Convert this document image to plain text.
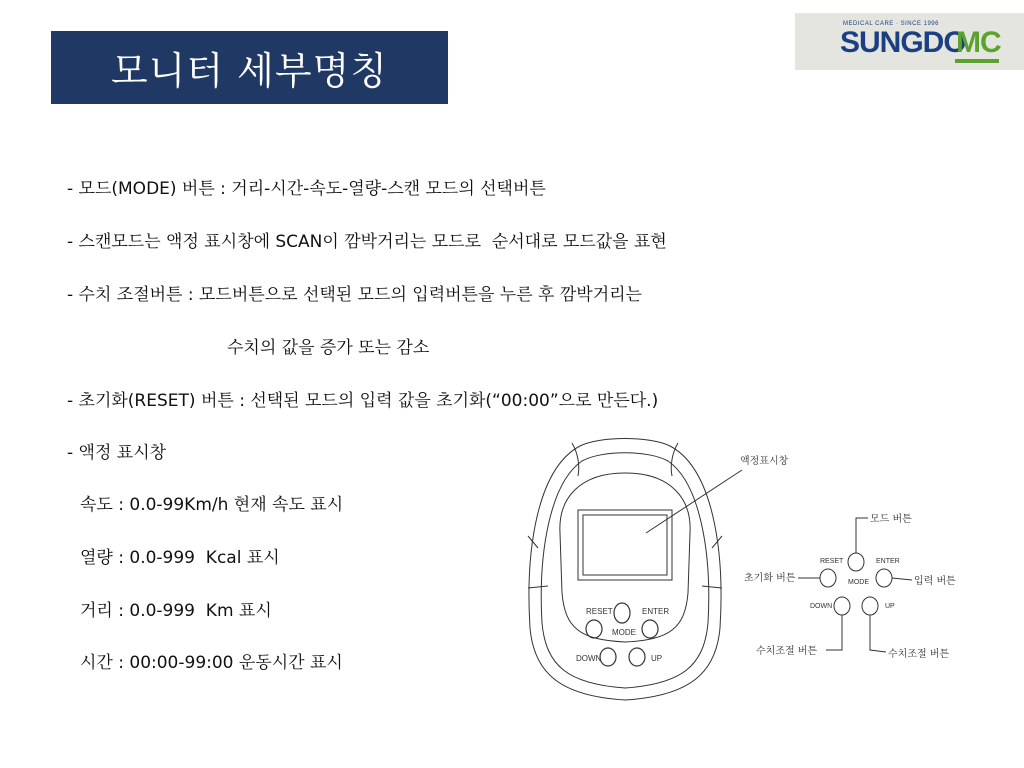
모니터 세부명칭
MEDICAL CARE · SINCE 1996
SUNGDO
MC
- 모드(MODE) 버튼 : 거리-시간-속도-열량-스캔 모드의 선택버튼
- 스캔모드는 액정 표시창에 SCAN이 깜박거리는 모드로  순서대로 모드값을 표현
- 수치 조절버튼 : 모드버튼으로 선택된 모드의 입력버튼을 누른 후 깜박거리는
수치의 값을 증가 또는 감소
- 초기화(RESET) 버튼 : 선택된 모드의 입력 값을 초기화(“00:00”으로 만든다.)
- 액정 표시창
속도 : 0.0-99Km/h 현재 속도 표시
열량 : 0.0-999  Kcal 표시
거리 : 0.0-999  Km 표시
시간 : 00:00-99:00 운동시간 표시
RESET	ENTER
MODE
DOWN	UP
액정표시창
RESET	ENTER
MODE
DOWN	UP
모드 버튼
초기화 버튼	입력 버튼
수치조절 버튼	수치조절 버튼
